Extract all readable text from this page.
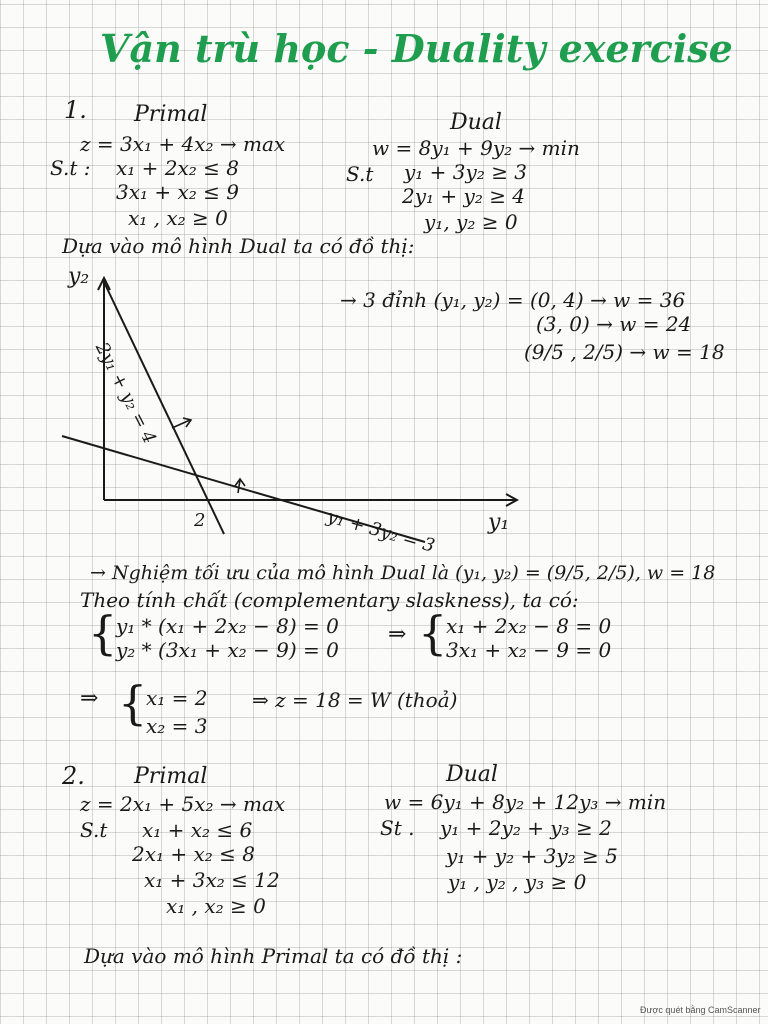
Vận trù học - Duality exercise
1. Primal
z = 3x₁ + 4x₂ → max
S.t : x₁ + 2x₂ ≤ 8
3x₁ + x₂ ≤ 9
x₁ , x₂ ≥ 0
Dual
w = 8y₁ + 9y₂ → min
S.t y₁ + 3y₂ ≥ 3
2y₁ + y₂ ≥ 4
y₁, y₂ ≥ 0
Dựa vào mô hình Dual ta có đồ thị:
y₂
y₁
2
2y₁ + y₂ = 4
y₁ + 3y₂ = 3
→ 3 đỉnh (y₁, y₂) = (0, 4) → w = 36
(3, 0) → w = 24
(9/5 , 2/5) → w = 18
→ Nghiệm tối ưu của mô hình Dual là (y₁, y₂) = (9/5, 2/5), w = 18
Theo tính chất (complementary slaskness), ta có:
{
y₁ * (x₁ + 2x₂ − 8) = 0
y₂ * (3x₁ + x₂ − 9) = 0
⇒ {
x₁ + 2x₂ − 8 = 0
3x₁ + x₂ − 9 = 0
⇒ {
x₁ = 2
x₂ = 3
⇒ z = 18 = W (thoả)
2. Primal
z = 2x₁ + 5x₂ → max
S.t x₁ + x₂ ≤ 6
2x₁ + x₂ ≤ 8
x₁ + 3x₂ ≤ 12
x₁ , x₂ ≥ 0
Dual
w = 6y₁ + 8y₂ + 12y₃ → min
St . y₁ + 2y₂ + y₃ ≥ 2
y₁ + y₂ + 3y₂ ≥ 5
y₁ , y₂ , y₃ ≥ 0
Dựa vào mô hình Primal ta có đồ thị :
Được quét bằng CamScanner
